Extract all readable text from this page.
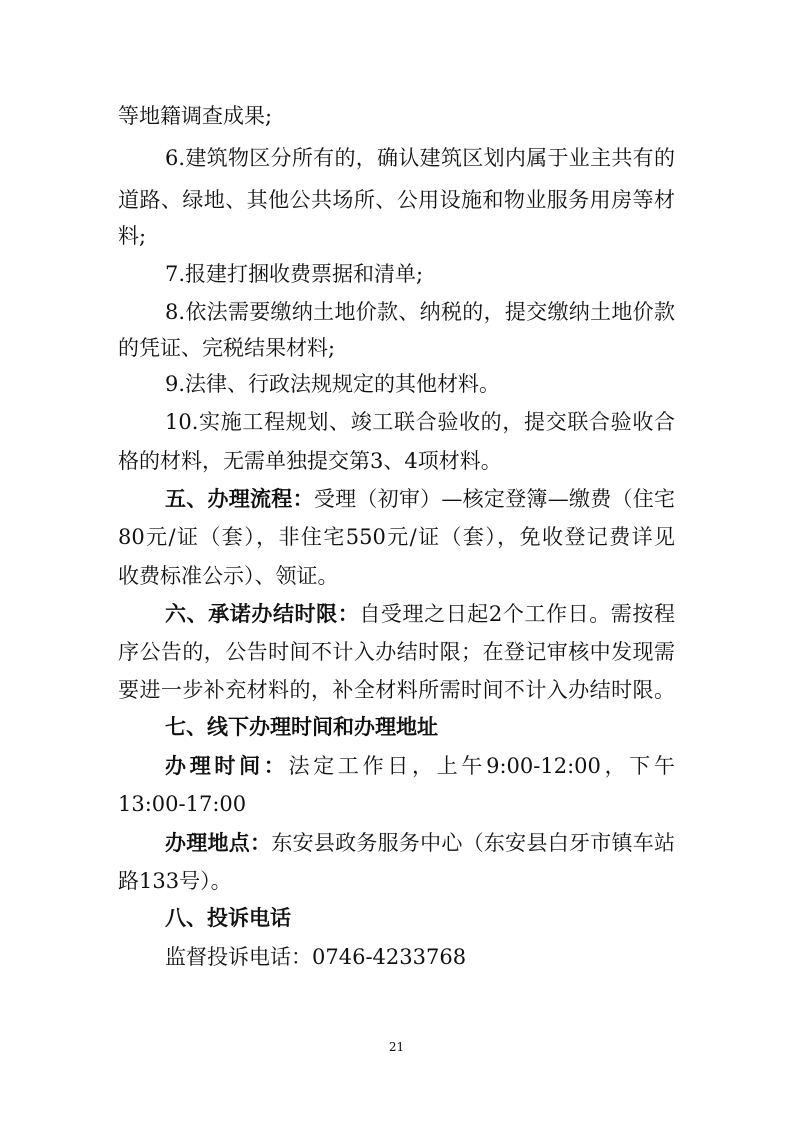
等地籍调查成果;
6.建筑物区分所有的，确认建筑区划内属于业主共有的
道路、绿地、其他公共场所、公用设施和物业服务用房等材
料;
7.报建打捆收费票据和清单;
8.依法需要缴纳土地价款、纳税的，提交缴纳土地价款
的凭证、完税结果材料;
9.法律、行政法规规定的其他材料。
10.实施工程规划、竣工联合验收的，提交联合验收合
格的材料，无需单独提交第3、4项材料。
五、办理流程：受理（初审）—核定登簿—缴费（住宅
80元/证（套），非住宅550元/证（套），免收登记费详见
收费标准公示）、领证。
六、承诺办结时限：自受理之日起2个工作日。需按程
序公告的，公告时间不计入办结时限；在登记审核中发现需
要进一步补充材料的，补全材料所需时间不计入办结时限。
七、线下办理时间和办理地址
办理时间：法定工作日，上午9:00-12:00，下午
13:00-17:00
办理地点：东安县政务服务中心（东安县白牙市镇车站
路133号）。
八、投诉电话
监督投诉电话：0746-4233768
21
